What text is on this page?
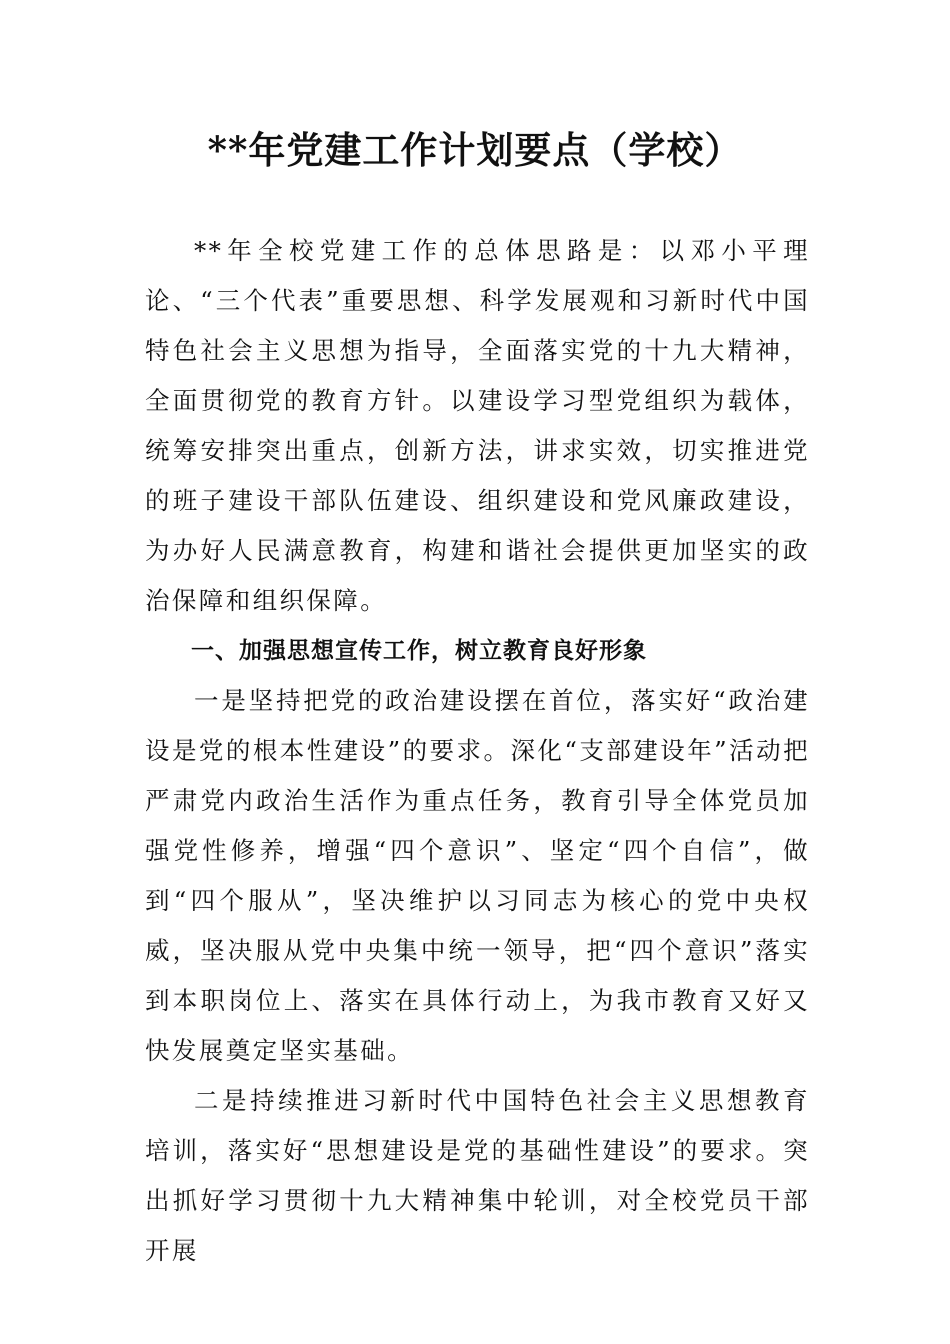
**年党建工作计划要点（学校）

**年全校党建工作的总体思路是：以邓小平理论、“三个代表”重要思想、科学发展观和习新时代中国特色社会主义思想为指导，全面落实党的十九大精神，全面贯彻党的教育方针。以建设学习型党组织为载体，统筹安排突出重点，创新方法，讲求实效，切实推进党的班子建设干部队伍建设、组织建设和党风廉政建设，为办好人民满意教育，构建和谐社会提供更加坚实的政治保障和组织保障。

一、加强思想宣传工作，树立教育良好形象

一是坚持把党的政治建设摆在首位，落实好“政治建设是党的根本性建设”的要求。深化“支部建设年”活动把严肃党内政治生活作为重点任务，教育引导全体党员加强党性修养，增强“四个意识”、坚定“四个自信”，做到“四个服从”，坚决维护以习同志为核心的党中央权威，坚决服从党中央集中统一领导，把“四个意识”落实到本职岗位上、落实在具体行动上，为我市教育又好又快发展奠定坚实基础。

二是持续推进习新时代中国特色社会主义思想教育培训，落实好“思想建设是党的基础性建设”的要求。突出抓好学习贯彻十九大精神集中轮训，对全校党员干部开展
